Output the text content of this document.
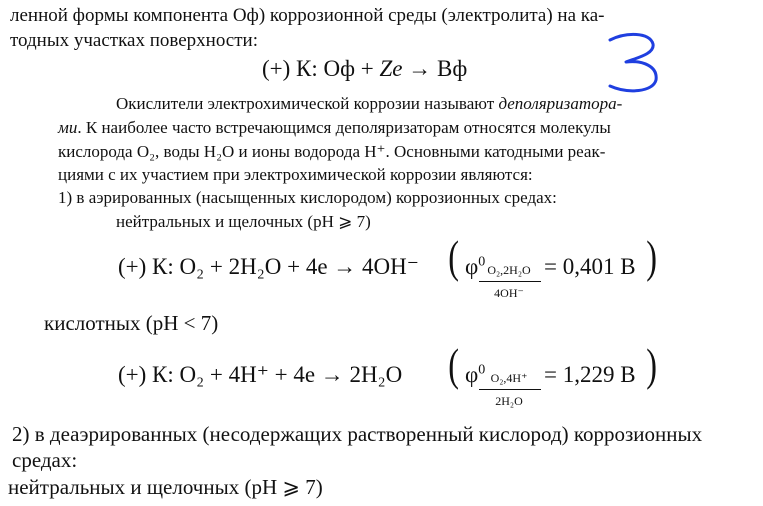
ленной формы компонента Оф) коррозионной среды (электролита) на ка-
тодных участках поверхности:
(+) К: Оф + Ze → Вф
Окислители электрохимической коррозии называют деполяризатора-
ми. К наиболее часто встречающимся деполяризаторам относятся молекулы
кислорода O₂, воды H₂O и ионы водорода H⁺. Основными катодными реак-
циями с их участием при электрохимической коррозии являются:
1) в аэрированных (насыщенных кислородом) коррозионных средах:
нейтральных и щелочных (pH ⩾ 7)
(+) К: O₂ + 2H₂O + 4e → 4OH⁻ ( $\varphi^0$
O₂,2H₂O
4OH⁻
= 0,401 В )
кислотных (pH < 7)
(+) К: O₂ + 4H⁺ + 4e → 2H₂O ( $\varphi^0$
O₂,4H⁺
2H₂O
= 1,229 В )
2) в деаэрированных (несодержащих растворенный кислород) коррозионных
средах:
нейтральных и щелочных (pH ⩾ 7)
